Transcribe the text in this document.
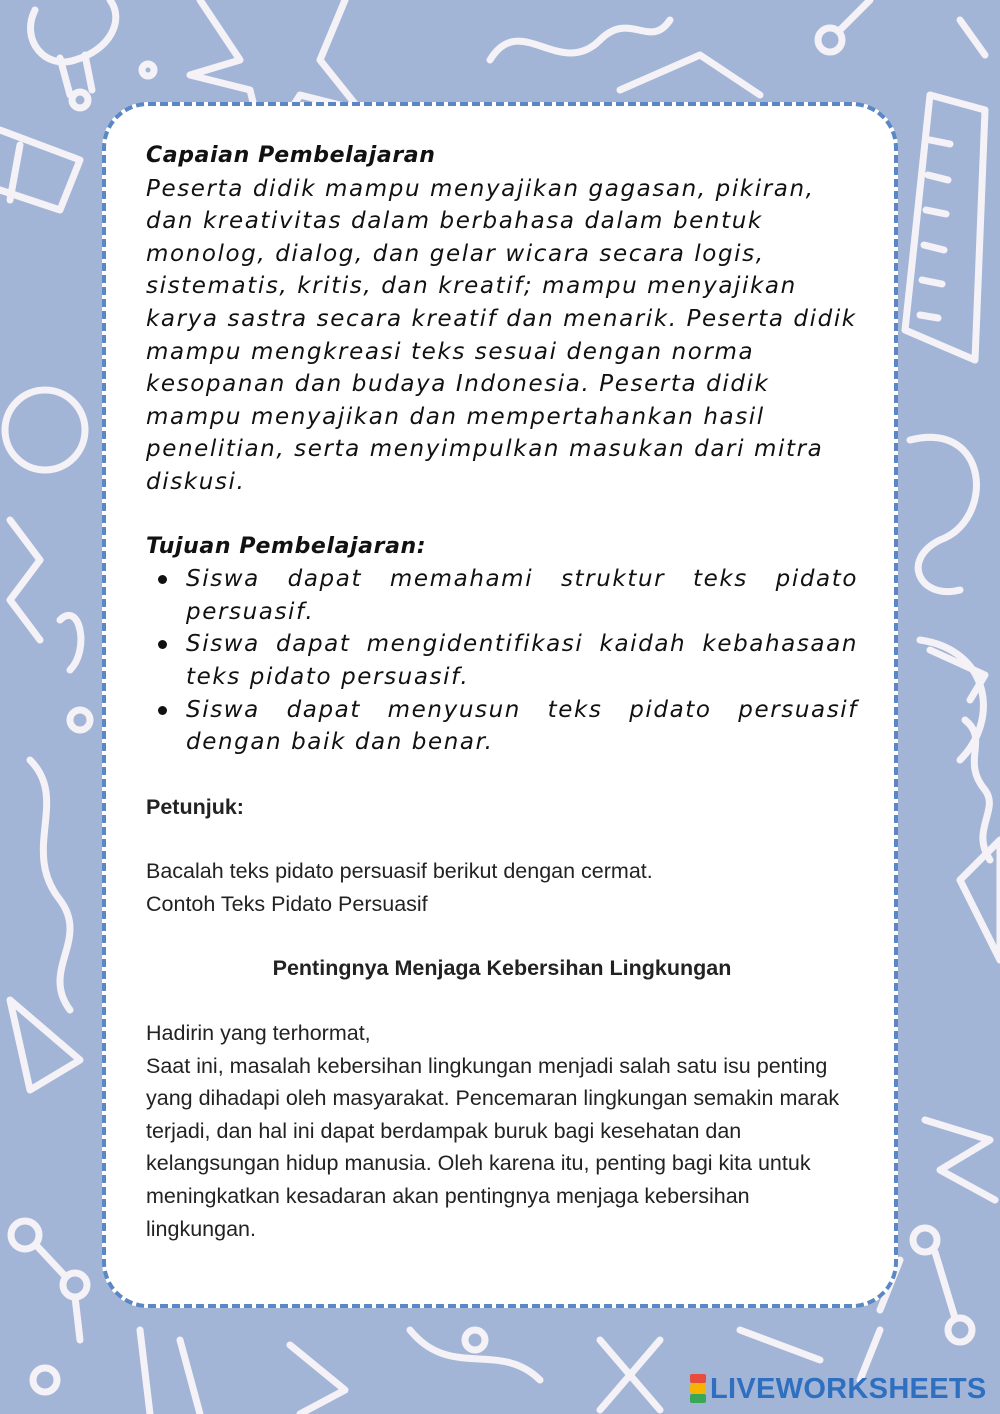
Capaian Pembelajaran

Peserta didik mampu menyajikan gagasan, pikiran, dan kreativitas dalam berbahasa dalam bentuk monolog, dialog, dan gelar wicara secara logis, sistematis, kritis, dan kreatif; mampu menyajikan karya sastra secara kreatif dan menarik. Peserta didik mampu mengkreasi teks sesuai dengan norma kesopanan dan budaya Indonesia. Peserta didik mampu menyajikan dan mempertahankan hasil penelitian, serta menyimpulkan masukan dari mitra diskusi.

Tujuan Pembelajaran:
Siswa dapat memahami struktur teks pidato persuasif.
Siswa dapat mengidentifikasi kaidah kebahasaan teks pidato persuasif.
Siswa dapat menyusun teks pidato persuasif dengan baik dan benar.
Petunjuk:
Bacalah teks pidato persuasif berikut dengan cermat.
Contoh Teks Pidato Persuasif
Pentingnya Menjaga Kebersihan Lingkungan
Hadirin yang terhormat,

Saat ini, masalah kebersihan lingkungan menjadi salah satu isu penting yang dihadapi oleh masyarakat. Pencemaran lingkungan semakin marak terjadi, dan hal ini dapat berdampak buruk bagi kesehatan dan kelangsungan hidup manusia. Oleh karena itu, penting bagi kita untuk meningkatkan kesadaran akan pentingnya menjaga kebersihan lingkungan.

LIVEWORKSHEETS
